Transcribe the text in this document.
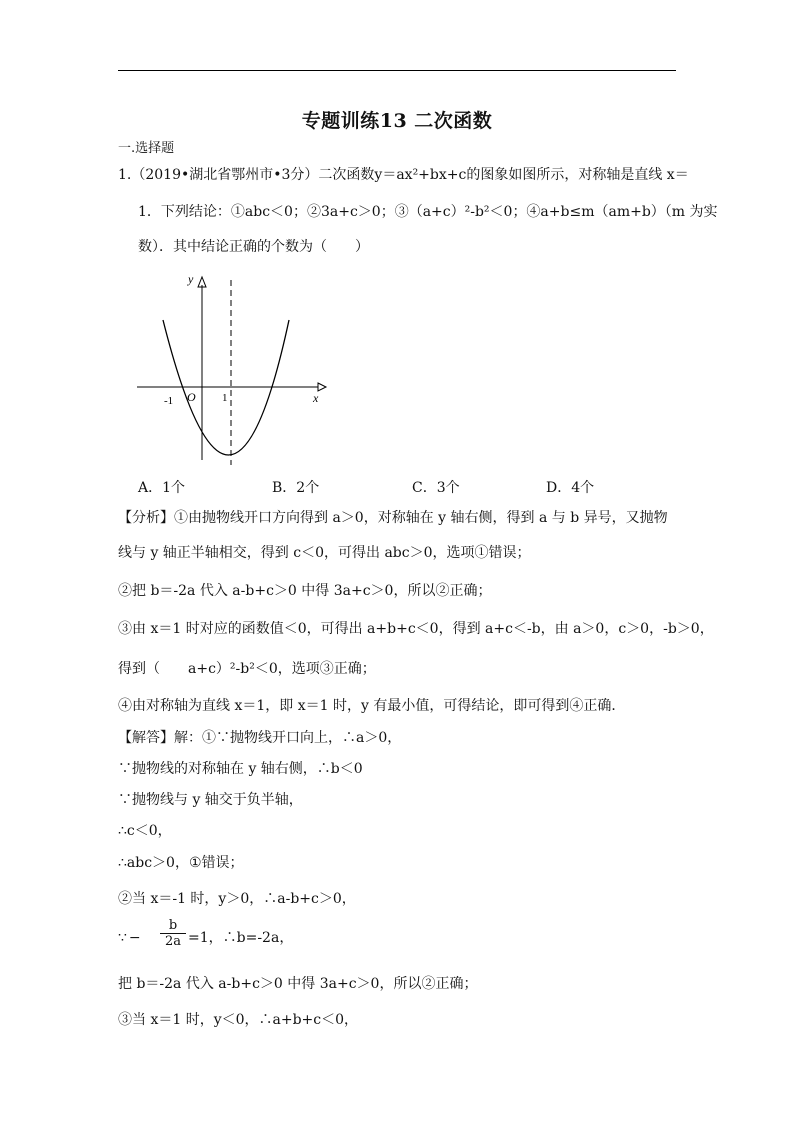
专题训练13 二次函数
一.选择题
1.（2019•湖北省鄂州市•3分）二次函数y＝ax²+bx+c的图象如图所示，对称轴是直线 x＝
1．下列结论：①abc＜0；②3a+c＞0；③（a+c）²-b²＜0；④a+b≤m（am+b）（m 为实
数）．其中结论正确的个数为（　　）
x
y
O
-1	1
A．1个	B．2个	C．3个	D．4个
【分析】①由抛物线开口方向得到 a＞0，对称轴在 y 轴右侧，得到 a 与 b 异号，又抛物
线与 y 轴正半轴相交，得到 c＜0，可得出 abc＞0，选项①错误；
②把 b＝-2a 代入 a-b+c＞0 中得 3a+c＞0，所以②正确；
③由 x＝1 时对应的函数值＜0，可得出 a+b+c＜0，得到 a+c＜-b，由 a＞0，c＞0，-b＞0，
得到（　　a+c）²-b²＜0，选项③正确；
④由对称轴为直线 x＝1，即 x＝1 时，y 有最小值，可得结论，即可得到④正确．
【解答】解：①∵抛物线开口向上，∴a＞0，
∵抛物线的对称轴在 y 轴右侧，∴b＜0
∵抛物线与 y 轴交于负半轴，
∴c＜0，
∴abc＞0，①错误；
②当 x＝-1 时，y＞0，∴a-b+c＞0，
∵ − $\frac{b}{2a} =1$，∴b=-2a，
把 b＝-2a 代入 a-b+c＞0 中得 3a+c＞0，所以②正确；
③当 x＝1 时，y＜0，∴a+b+c＜0，
